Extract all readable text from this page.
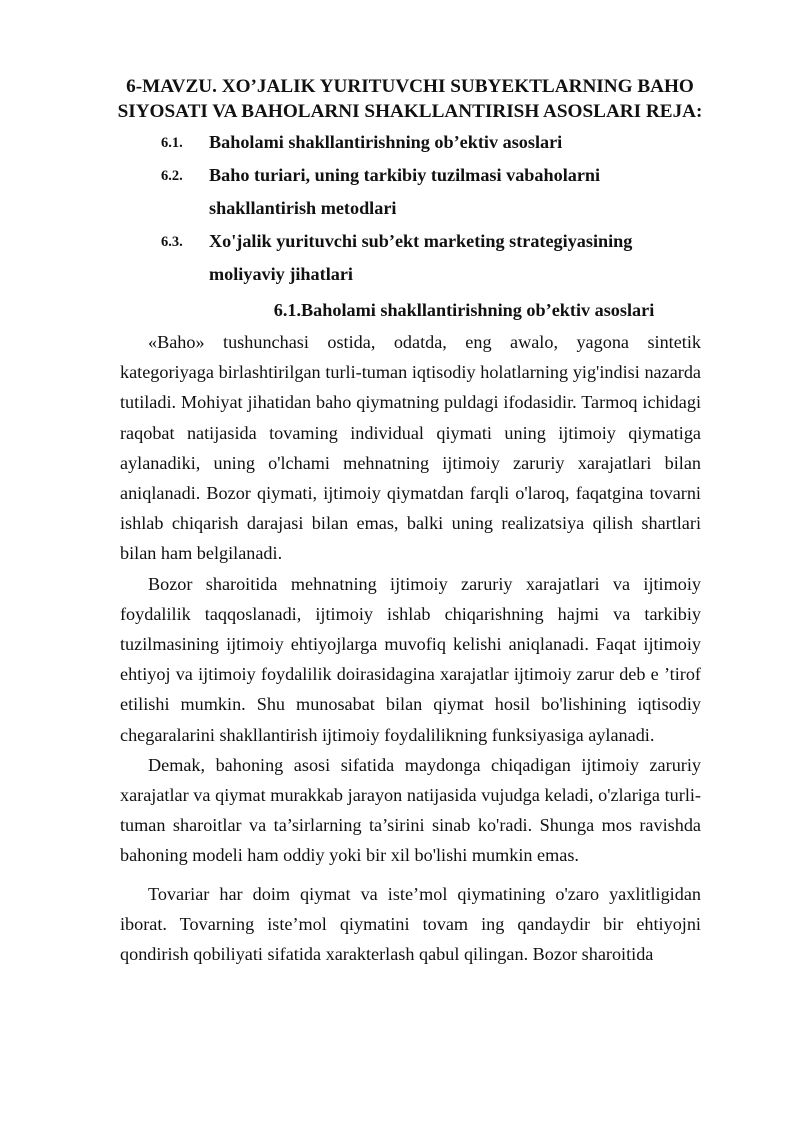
6-MAVZU. XO’JALIK YURITUVCHI SUBYEKTLARNING BAHO SIYOSATI VA BAHOLARNI SHAKLLANTIRISH ASOSLARI REJA:
6.1. Baholami shakllantirishning ob’ektiv asoslari
6.2. Baho turiari, uning tarkibiy tuzilmasi vabaholarni
shakllantirish metodlari
6.3. Xo'jalik yurituvchi sub’ekt marketing strategiyasining
moliyaviy jihatlari
6.1.Baholami shakllantirishning ob’ektiv asoslari

«Baho» tushunchasi ostida, odatda, eng awalo, yagona sintetik kategoriyaga birlashtirilgan turli-tuman iqtisodiy holatlarning yig'indisi nazarda tutiladi. Mohiyat jihatidan baho qiymatning puldagi ifodasidir. Tarmoq ichidagi raqobat natijasida tovaming individual qiymati uning ijtimoiy qiymatiga aylanadiki, uning o'lchami mehnatning ijtimoiy zaruriy xarajatlari bilan aniqlanadi. Bozor qiymati, ijtimoiy qiymatdan farqli o'laroq, faqatgina tovarni ishlab chiqarish darajasi bilan emas, balki uning realizatsiya qilish shartlari bilan ham belgilanadi.

Bozor sharoitida mehnatning ijtimoiy zaruriy xarajatlari va ijtimoiy foydalilik taqqoslanadi, ijtimoiy ishlab chiqarishning hajmi va tarkibiy tuzilmasining ijtimoiy ehtiyojlarga muvofiq kelishi aniqlanadi. Faqat ijtimoiy ehtiyoj va ijtimoiy foydalilik doirasidagina xarajatlar ijtimoiy zarur deb e ’tirof etilishi mumkin. Shu munosabat bilan qiymat hosil bo'lishining iqtisodiy chegaralarini shakllantirish ijtimoiy foydalilikning funksiyasiga aylanadi.

Demak, bahoning asosi sifatida maydonga chiqadigan ijtimoiy zaruriy xarajatlar va qiymat murakkab jarayon natijasida vujudga keladi, o'zlariga turli-tuman sharoitlar va ta’sirlarning ta’sirini sinab ko'radi. Shunga mos ravishda bahoning modeli ham oddiy yoki bir xil bo'lishi mumkin emas.

Tovariar har doim qiymat va iste’mol qiymatining o'zaro yaxlitligidan iborat. Tovarning iste’mol qiymatini tovam ing qandaydir bir ehtiyojni qondirish qobiliyati sifatida xarakterlash qabul qilingan. Bozor sharoitida
